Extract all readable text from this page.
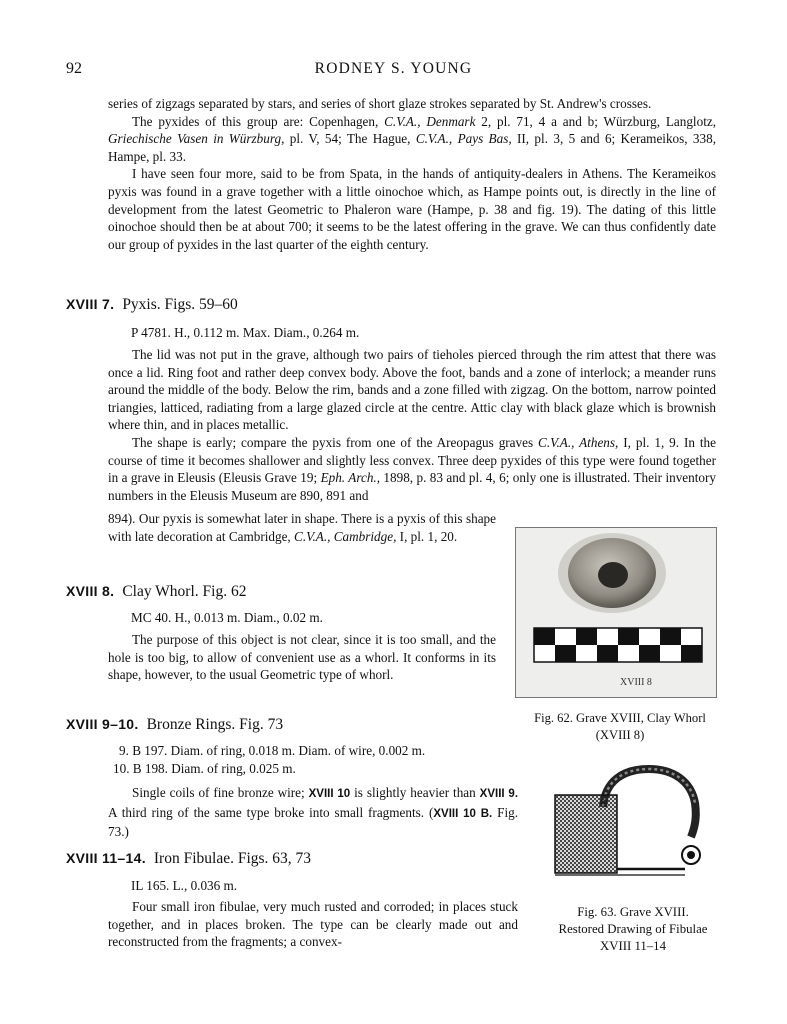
92	RODNEY S. YOUNG

series of zigzags separated by stars, and series of short glaze strokes separated by St. Andrew's crosses.

The pyxides of this group are: Copenhagen, C.V.A., Denmark 2, pl. 71, 4 a and b; Würzburg, Langlotz, Griechische Vasen in Würzburg, pl. V, 54; The Hague, C.V.A., Pays Bas, II, pl. 3, 5 and 6; Kerameikos, 338, Hampe, pl. 33.

I have seen four more, said to be from Spata, in the hands of antiquity-dealers in Athens. The Kerameikos pyxis was found in a grave together with a little oinochoe which, as Hampe points out, is directly in the line of development from the latest Geometric to Phaleron ware (Hampe, p. 38 and fig. 19). The dating of this little oinochoe should then be at about 700; it seems to be the latest offering in the grave. We can thus confidently date our group of pyxides in the last quarter of the eighth century.

XVIII 7. Pyxis. Figs. 59–60
P 4781. H., 0.112 m. Max. Diam., 0.264 m.

The lid was not put in the grave, although two pairs of tieholes pierced through the rim attest that there was once a lid. Ring foot and rather deep convex body. Above the foot, bands and a zone of interlock; a meander runs around the middle of the body. Below the rim, bands and a zone filled with zigzag. On the bottom, narrow pointed triangies, latticed, radiating from a large glazed circle at the centre. Attic clay with black glaze which is brownish where thin, and in places metallic.

The shape is early; compare the pyxis from one of the Areopagus graves C.V.A., Athens, I, pl. 1, 9. In the course of time it becomes shallower and slightly less convex. Three deep pyxides of this type were found together in a grave in Eleusis (Eleusis Grave 19; Eph. Arch., 1898, p. 83 and pl. 4, 6; only one is illustrated. Their inventory numbers in the Eleusis Museum are 890, 891 and

894). Our pyxis is somewhat later in shape. There is a pyxis of this shape with late decoration at Cambridge, C.V.A., Cambridge, I, pl. 1, 20.

XVIII 8. Clay Whorl. Fig. 62
MC 40. H., 0.013 m. Diam., 0.02 m.

The purpose of this object is not clear, since it is too small, and the hole is too big, to allow of convenient use as a whorl. It conforms in its shape, however, to the usual Geometric type of whorl.

XVIII 9–10. Bronze Rings. Fig. 73
9. B 197. Diam. of ring, 0.018 m. Diam. of wire, 0.002 m.
10. B 198. Diam. of ring, 0.025 m.

Single coils of fine bronze wire; XVIII 10 is slightly heavier than XVIII 9. A third ring of the same type broke into small fragments. (XVIII 10 B. Fig. 73.)

XVIII 11–14. Iron Fibulae. Figs. 63, 73
IL 165. L., 0.036 m.

Four small iron fibulae, very much rusted and corroded; in places stuck together, and in places broken. The type can be clearly made out and reconstructed from the fragments; a convex-

XVIII 8
Fig. 62. Grave XVIII, Clay Whorl
(XVIII 8)
Fig. 63. Grave XVIII.
Restored Drawing of Fibulae
XVIII 11–14
